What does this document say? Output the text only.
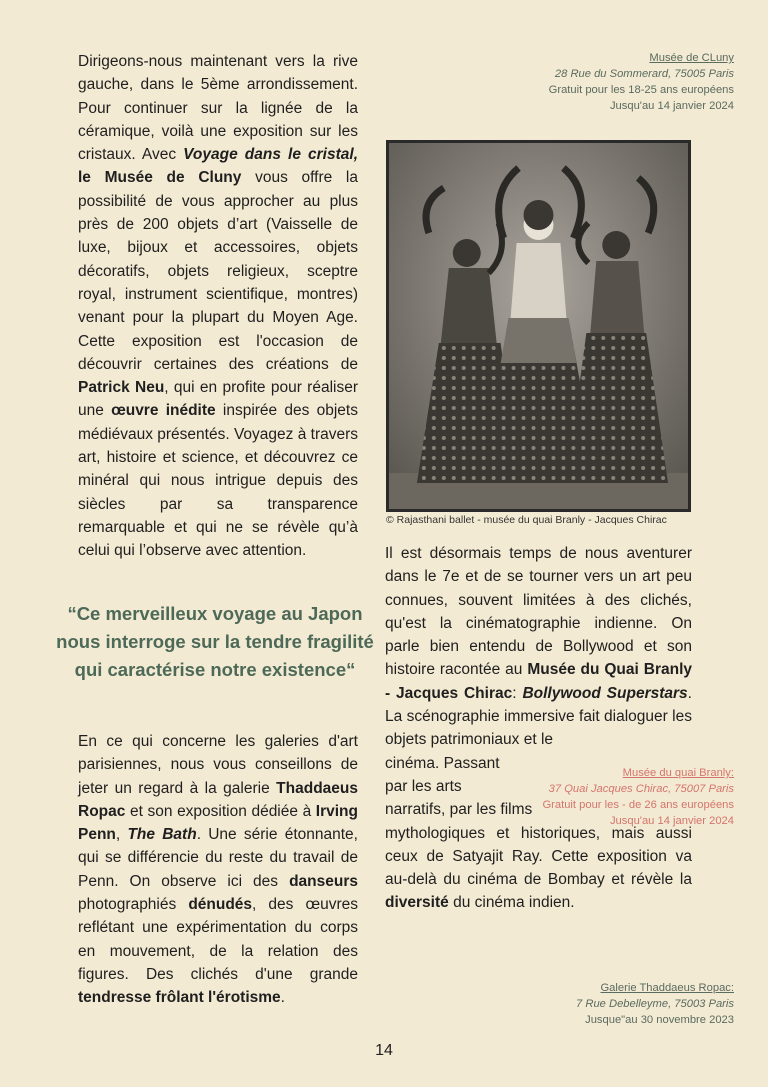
Musée de CLuny
28 Rue du Sommerard, 75005 Paris
Gratuit pour les 18-25 ans européens
Jusqu'au 14 janvier 2024

Dirigeons-nous maintenant vers la rive gauche, dans le 5ème arrondissement. Pour continuer sur la lignée de la céramique, voilà une exposition sur les cristaux. Avec Voyage dans le cristal, le Musée de Cluny vous offre la possibilité de vous approcher au plus près de 200 objets d’art (Vaisselle de luxe, bijoux et accessoires, objets décoratifs, objets religieux, sceptre royal, instrument scientifique, montres) venant pour la plupart du Moyen Age. Cette exposition est l'occasion de découvrir certaines des créations de Patrick Neu, qui en profite pour réaliser une œuvre inédite inspirée des objets médiévaux présentés. Voyagez à travers art, histoire et science, et découvrez ce minéral qui nous intrigue depuis des siècles par sa transparence remarquable et qui ne se révèle qu’à celui qui l’observe avec attention.

© Rajasthani ballet - musée du quai Branly - Jacques Chirac
“Ce merveilleux voyage au Japon nous interroge sur la tendre fragilité qui caractérise notre existence“

En ce qui concerne les galeries d'art parisiennes, nous vous conseillons de jeter un regard à la galerie Thaddaeus Ropac et son exposition dédiée à Irving Penn, The Bath. Une série étonnante, qui se différencie du reste du travail de Penn. On observe ici des danseurs photographiés dénudés, des œuvres reflétant une expérimentation du corps en mouvement, de la relation des figures. Des clichés d'une grande tendresse frôlant l'érotisme.

Il est désormais temps de nous aventurer dans le 7e et de se tourner vers un art peu connues, souvent limitées à des clichés, qu'est la cinématographie indienne. On parle bien entendu de Bollywood et son histoire racontée au Musée du Quai Branly - Jacques Chirac: Bollywood Superstars. La scénographie immersive fait dialoguer les objets patrimoniaux et le

cinéma. Passant

par les arts

narratifs, par les films

mythologiques et historiques, mais aussi ceux de Satyajit Ray. Cette exposition va au-delà du cinéma de Bombay et révèle la diversité du cinéma indien.

Musée du quai Branly:
37 Quai Jacques Chirac, 75007 Paris
Gratuit pour les - de 26 ans européens
Jusqu'au 14 janvier 2024
Galerie Thaddaeus Ropac:
7 Rue Debelleyme, 75003 Paris
Jusque"au 30 novembre 2023
14
